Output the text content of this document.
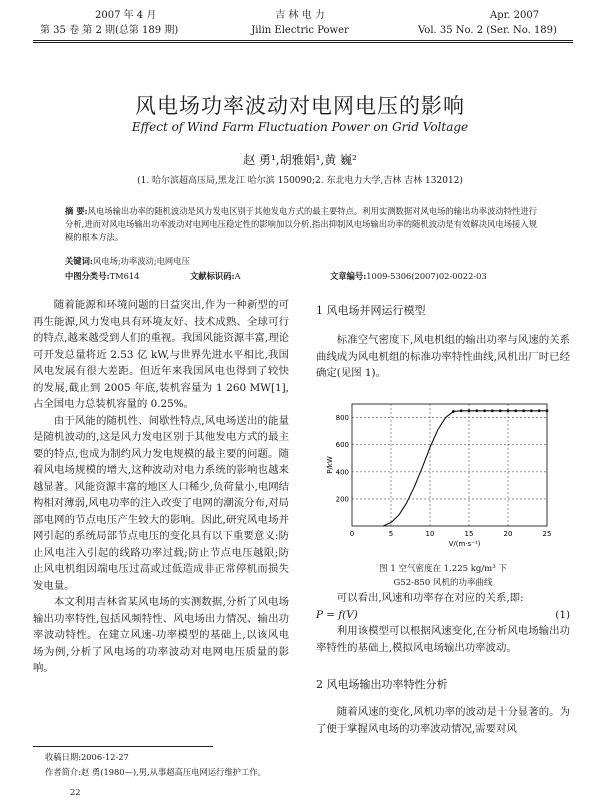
2007 年 4 月
第 35 卷 第 2 期(总第 189 期)
吉 林 电 力
Jilin Electric Power
Apr. 2007
Vol. 35 No. 2 (Ser. No. 189)
风电场功率波动对电网电压的影响
Effect of Wind Farm Fluctuation Power on Grid Voltage
赵 勇¹,胡雅娟¹,黄 巍²
(1. 哈尔滨超高压局,黑龙江 哈尔滨 150090;2. 东北电力大学,吉林 吉林 132012)
摘 要:风电场输出功率的随机波动是风力发电区别于其他发电方式的最主要特点。利用实测数据对风电场的输出功率波动特性进行分析,进而对风电场输出功率波动对电网电压稳定性的影响加以分析,指出抑制风电场输出功率的随机波动是有效解决风电场接入规模的根本方法。
关键词:风电场;功率波动;电网电压
中图分类号:TM614	文献标识码:A	文章编号:1009-5306(2007)02-0022-03

随着能源和环境问题的日益突出,作为一种新型的可再生能源,风力发电具有环境友好、技术成熟、全球可行的特点,越来越受到人们的重视。我国风能资源丰富,理论可开发总量将近 2.53 亿 kW,与世界先进水平相比,我国风电发展有很大差距。但近年来我国风电也得到了较快的发展,截止到 2005 年底,装机容量为 1 260 MW[1],占全国电力总装机容量的 0.25%。

由于风能的随机性、间歇性特点,风电场送出的能量是随机波动的,这是风力发电区别于其他发电方式的最主要的特点,也成为制约风力发电规模的最主要的问题。随着风电场规模的增大,这种波动对电力系统的影响也越来越显著。风能资源丰富的地区人口稀少,负荷量小,电网结构相对薄弱,风电功率的注入改变了电网的潮流分布,对局部电网的节点电压产生较大的影响。因此,研究风电场并网引起的系统局部节点电压的变化具有以下重要意义:防止风电注入引起的线路功率过载;防止节点电压越限;防止风电机组因端电压过高或过低造成非正常停机而损失发电量。

本文利用吉林省某风电场的实测数据,分析了风电场输出功率特性,包括风频特性、风电场出力情况、输出功率波动特性。在建立风速-功率模型的基础上,以该风电场为例,分析了风电场的功率波动对电网电压质量的影响。

1 风电场并网运行模型

标准空气密度下,风电机组的输出功率与风速的关系曲线成为风电机组的标准功率特性曲线,风机出厂时已经确定(见图 1)。

0	5	10	15	20	25
200
400
600
800
V/(m·s⁻¹)
P/kW
图 1 空气密度在 1.225 kg/m³ 下
G52-850 风机的功率曲线

可以看出,风速和功率存在对应的关系,即:

P = f(V)	(1)

利用该模型可以根据风速变化,在分析风电场输出功率特性的基础上,模拟风电场输出功率波动。

2 风电场输出功率特性分析

随着风速的变化,风机功率的波动是十分显著的。为了便于掌握风电场的功率波动情况,需要对风

收稿日期:2006-12-27
作者简介:赵 勇(1980—),男,从事超高压电网运行维护工作。
22
